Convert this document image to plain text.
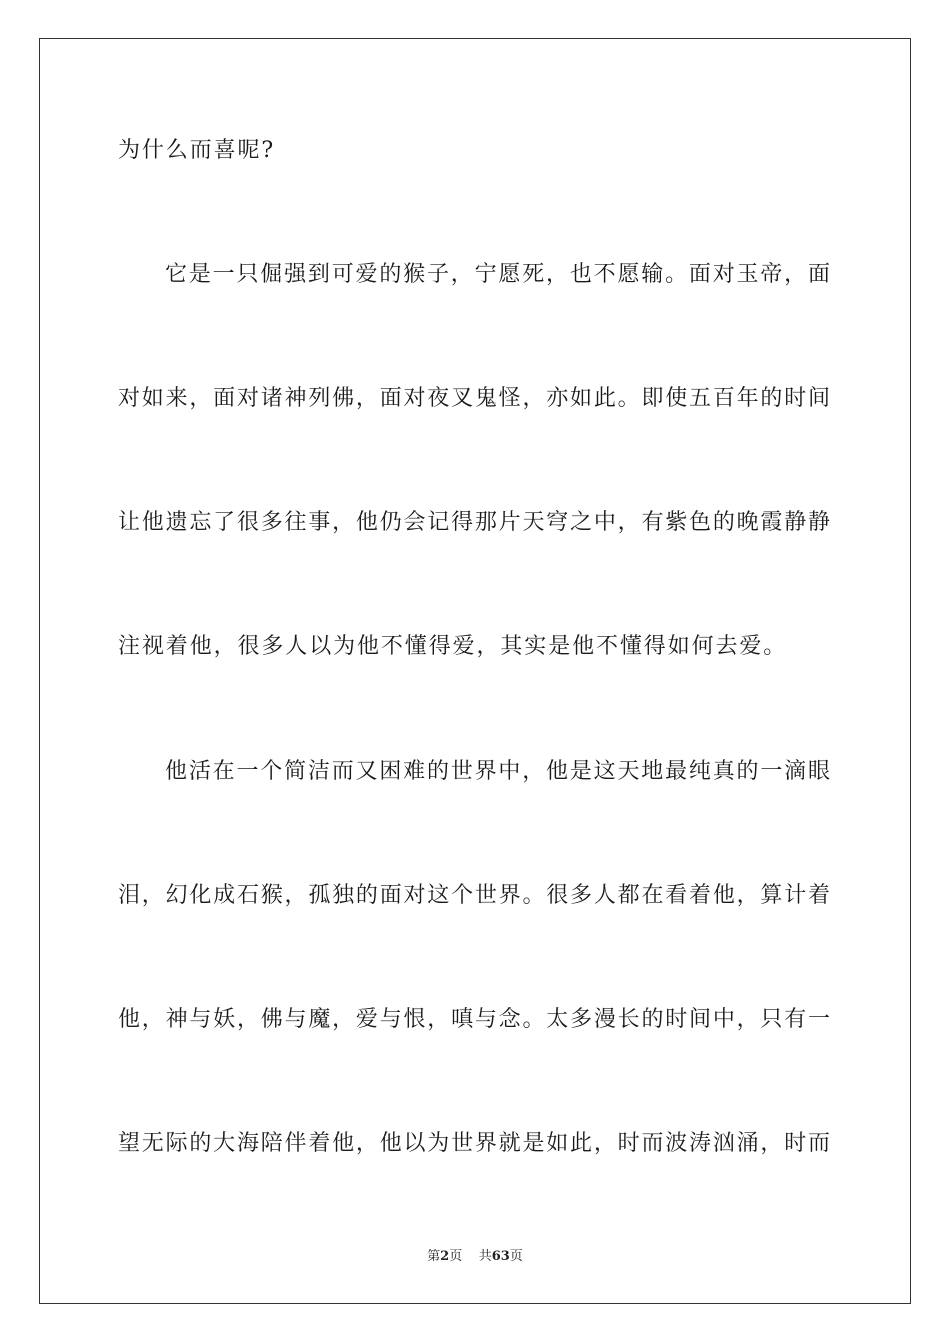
为什么而喜呢?
它是一只倔强到可爱的猴子，宁愿死，也不愿输。面对玉帝，面
对如来，面对诸神列佛，面对夜叉鬼怪，亦如此。即使五百年的时间
让他遗忘了很多往事，他仍会记得那片天穹之中，有紫色的晚霞静静
注视着他，很多人以为他不懂得爱，其实是他不懂得如何去爱。
他活在一个简洁而又困难的世界中，他是这天地最纯真的一滴眼
泪，幻化成石猴，孤独的面对这个世界。很多人都在看着他，算计着
他，神与妖，佛与魔，爱与恨，嗔与念。太多漫长的时间中，只有一
望无际的大海陪伴着他，他以为世界就是如此，时而波涛汹涌，时而
第2页 共63页
